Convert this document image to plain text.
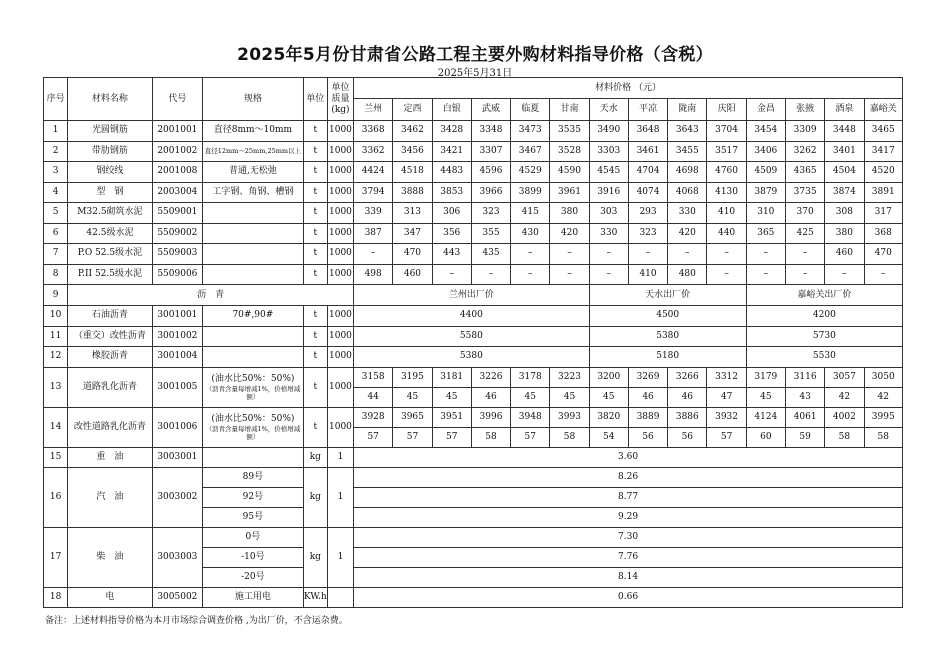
2025年5月份甘肃省公路工程主要外购材料指导价格（含税）
2025年5月31日
序号	材料名称	代号	规格	单位	单位质量(kg)	材料价格 （元）													
						兰州	定西	白银	武威	临夏	甘南	天水	平凉	陇南	庆阳	金昌	张掖	酒泉	嘉峪关
1	光圆钢筋	2001001	直径8mm～10mm	t	1000	3368	3462	3428	3348	3473	3535	3490	3648	3643	3704	3454	3309	3448	3465
2	带肋钢筋	2001002	直径12mm～25mm,25mm以上	t	1000	3362	3456	3421	3307	3467	3528	3303	3461	3455	3517	3406	3262	3401	3417
3	钢绞线	2001008	普通,无松弛	t	1000	4424	4518	4483	4596	4529	4590	4545	4704	4698	4760	4509	4365	4504	4520
4	型　钢	2003004	工字钢、角钢、槽钢	t	1000	3794	3888	3853	3966	3899	3961	3916	4074	4068	4130	3879	3735	3874	3891
5	M32.5砌筑水泥	5509001		t	1000	339	313	306	323	415	380	303	293	330	410	310	370	308	317
6	42.5级水泥	5509002		t	1000	387	347	356	355	430	420	330	323	420	440	365	425	380	368
7	P.O 52.5级水泥	5509003		t	1000	–	470	443	435	–	–	–	–	–	–	–	–	460	470
8	P.II 52.5级水泥	5509006		t	1000	498	460	–	–	–	–	–	410	480	–	–	–	–	–
9	沥　青					兰州出厂价						天水出厂价				嘉峪关出厂价			
10	石油沥青	3001001	70#,90#	t	1000	4400						4500				4200			
11	（重交）改性沥青	3001002		t	1000	5580						5380				5730			
12	橡胶沥青	3001004		t	1000	5380						5180				5530			
13	道路乳化沥青	3001005	(油水比50%：50%)
（沥青含量每增减1%，价格增减额）	t	1000	3158	3195	3181	3226	3178	3223	3200	3269	3266	3312	3179	3116	3057	3050
						44	45	45	46	45	45	45	46	46	47	45	43	42	42
14	改性道路乳化沥青	3001006	(油水比50%：50%)
（沥青含量每增减1%，价格增减额）	t	1000	3928	3965	3951	3996	3948	3993	3820	3889	3886	3932	4124	4061	4002	3995
						57	57	57	58	57	58	54	56	56	57	60	59	58	58
15	重　油	3003001		kg	1	3.60													
16	汽　油	3003002	89号	kg	1	8.26													
			92号			8.77													
			95号			9.29													
17	柴　油	3003003	0号	kg	1	7.30													
			-10号			7.76													
			-20号			8.14													
18	电	3005002	施工用电	KW.h		0.66													
备注：上述材料指导价格为本月市场综合调查价格 ,为出厂价，不含运杂费。
